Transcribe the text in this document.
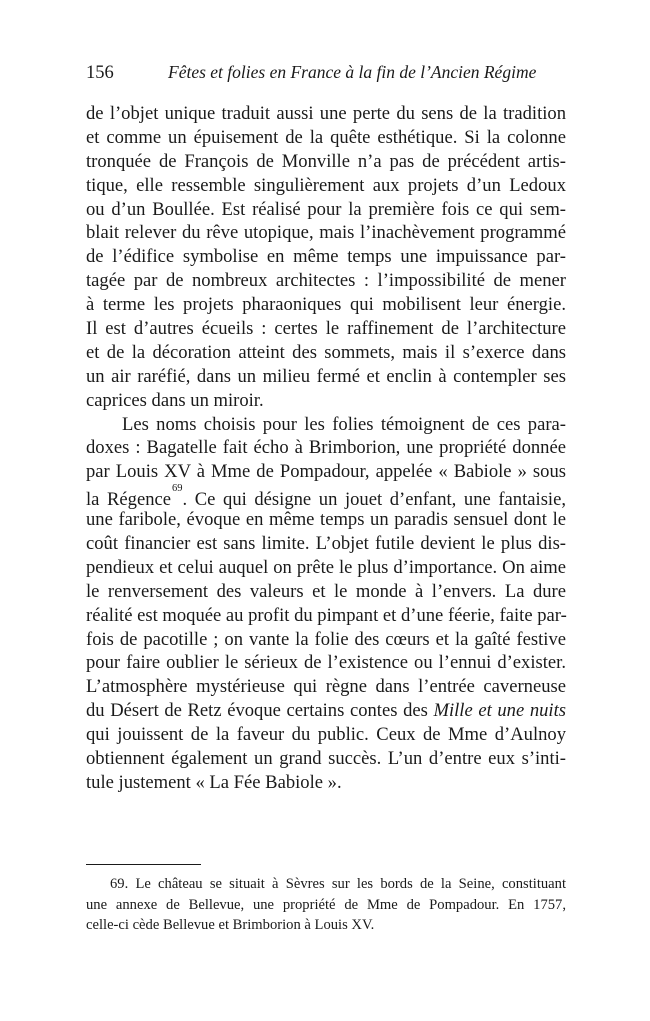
156	Fêtes et folies en France à la fin de l’Ancien Régime
de l’objet unique traduit aussi une perte du sens de la tradition
et comme un épuisement de la quête esthétique. Si la colonne
tronquée de François de Monville n’a pas de précédent artis-
tique, elle ressemble singulièrement aux projets d’un Ledoux
ou d’un Boullée. Est réalisé pour la première fois ce qui sem-
blait relever du rêve utopique, mais l’inachèvement programmé
de l’édifice symbolise en même temps une impuissance par-
tagée par de nombreux architectes : l’impossibilité de mener
à terme les projets pharaoniques qui mobilisent leur énergie.
Il est d’autres écueils : certes le raffinement de l’architecture
et de la décoration atteint des sommets, mais il s’exerce dans
un air raréfié, dans un milieu fermé et enclin à contempler ses
caprices dans un miroir.
Les noms choisis pour les folies témoignent de ces para-
doxes : Bagatelle fait écho à Brimborion, une propriété donnée
par Louis XV à Mme de Pompadour, appelée « Babiole » sous
la Régence$^{69}$. Ce qui désigne un jouet d’enfant, une fantaisie,
une faribole, évoque en même temps un paradis sensuel dont le
coût financier est sans limite. L’objet futile devient le plus dis-
pendieux et celui auquel on prête le plus d’importance. On aime
le renversement des valeurs et le monde à l’envers. La dure
réalité est moquée au profit du pimpant et d’une féerie, faite par-
fois de pacotille ; on vante la folie des cœurs et la gaîté festive
pour faire oublier le sérieux de l’existence ou l’ennui d’exister.
L’atmosphère mystérieuse qui règne dans l’entrée caverneuse
du Désert de Retz évoque certains contes des Mille et une nuits
qui jouissent de la faveur du public. Ceux de Mme d’Aulnoy
obtiennent également un grand succès. L’un d’entre eux s’inti-
tule justement « La Fée Babiole ».
69. Le château se situait à Sèvres sur les bords de la Seine, constituant
une annexe de Bellevue, une propriété de Mme de Pompadour. En 1757,
celle-ci cède Bellevue et Brimborion à Louis XV.
